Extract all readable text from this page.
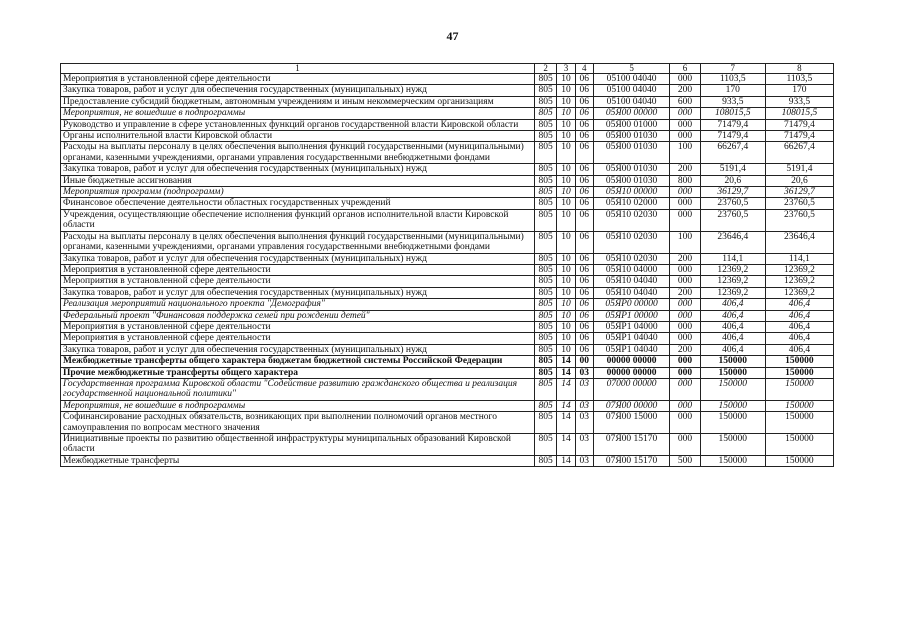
47
1	2	3	4	5	6	7	8
Мероприятия в установленной сфере деятельности	805	10	06	05100 04040	000	1103,5	1103,5
Закупка товаров, работ и услуг для обеспечения государственных (муниципальных) нужд	805	10	06	05100 04040	200	170	170
Предоставление субсидий бюджетным, автономным учреждениям и иным некоммерческим организациям	805	10	06	05100 04040	600	933,5	933,5
Мероприятия, не вошедшие в подпрограммы	805	10	06	05Я00 00000	000	108015,5	108015,5
Руководство и управление в сфере установленных функций органов государственной власти Кировской области	805	10	06	05Я00 01000	000	71479,4	71479,4
Органы исполнительной власти Кировской области	805	10	06	05Я00 01030	000	71479,4	71479,4
Расходы на выплаты персоналу в целях обеспечения выполнения функций государственными (муниципальными) органами, казенными учреждениями, органами управления государственными внебюджетными фондами	805	10	06	05Я00 01030	100	66267,4	66267,4
Закупка товаров, работ и услуг для обеспечения государственных (муниципальных) нужд	805	10	06	05Я00 01030	200	5191,4	5191,4
Иные бюджетные ассигнования	805	10	06	05Я00 01030	800	20,6	20,6
Мероприятия программ (подпрограмм)	805	10	06	05Я10 00000	000	36129,7	36129,7
Финансовое обеспечение деятельности областных государственных учреждений	805	10	06	05Я10 02000	000	23760,5	23760,5
Учреждения, осуществляющие обеспечение исполнения функций органов исполнительной власти Кировской области	805	10	06	05Я10 02030	000	23760,5	23760,5
Расходы на выплаты персоналу в целях обеспечения выполнения функций государственными (муниципальными) органами, казенными учреждениями, органами управления государственными внебюджетными фондами	805	10	06	05Я10 02030	100	23646,4	23646,4
Закупка товаров, работ и услуг для обеспечения государственных (муниципальных) нужд	805	10	06	05Я10 02030	200	114,1	114,1
Мероприятия в установленной сфере деятельности	805	10	06	05Я10 04000	000	12369,2	12369,2
Мероприятия в установленной сфере деятельности	805	10	06	05Я10 04040	000	12369,2	12369,2
Закупка товаров, работ и услуг для обеспечения государственных (муниципальных) нужд	805	10	06	05Я10 04040	200	12369,2	12369,2
Реализация мероприятий национального проекта "Демография"	805	10	06	05ЯР0 00000	000	406,4	406,4
Федеральный проект "Финансовая поддержка семей при рождении детей"	805	10	06	05ЯР1 00000	000	406,4	406,4
Мероприятия в установленной сфере деятельности	805	10	06	05ЯР1 04000	000	406,4	406,4
Мероприятия в установленной сфере деятельности	805	10	06	05ЯР1 04040	000	406,4	406,4
Закупка товаров, работ и услуг для обеспечения государственных (муниципальных) нужд	805	10	06	05ЯР1 04040	200	406,4	406,4
Межбюджетные трансферты общего характера бюджетам бюджетной системы Российской Федерации	805	14	00	00000 00000	000	150000	150000
Прочие межбюджетные трансферты общего характера	805	14	03	00000 00000	000	150000	150000
Государственная программа Кировской области "Содействие развитию гражданского общества и реализация государственной национальной политики"	805	14	03	07000 00000	000	150000	150000
Мероприятия, не вошедшие в подпрограммы	805	14	03	07Я00 00000	000	150000	150000
Софинансирование расходных обязательств, возникающих при выполнении полномочий органов местного самоуправления по вопросам местного значения	805	14	03	07Я00 15000	000	150000	150000
Инициативные проекты по развитию общественной инфраструктуры муниципальных образований Кировской области	805	14	03	07Я00 15170	000	150000	150000
Межбюджетные трансферты	805	14	03	07Я00 15170	500	150000	150000
